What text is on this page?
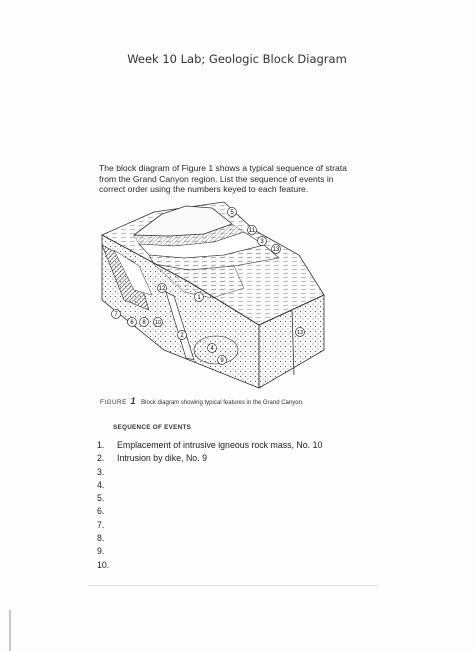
Week 10 Lab; Geologic Block Diagram
The block diagram of Figure 1 shows a typical sequence of strata from the Grand Canyon region. List the sequence of events in correct order using the numbers keyed to each feature.
5
11
3
13
1
12
6 8 10
2
7
4
9
13
FIGURE 1 Block diagram showing typical features in the Grand Canyon.
SEQUENCE OF EVENTS
1. Emplacement of intrusive igneous rock mass, No. 10
2. Intrusion by dike, No. 9
3.
4.
5.
6.
7.
8.
9.
10.
